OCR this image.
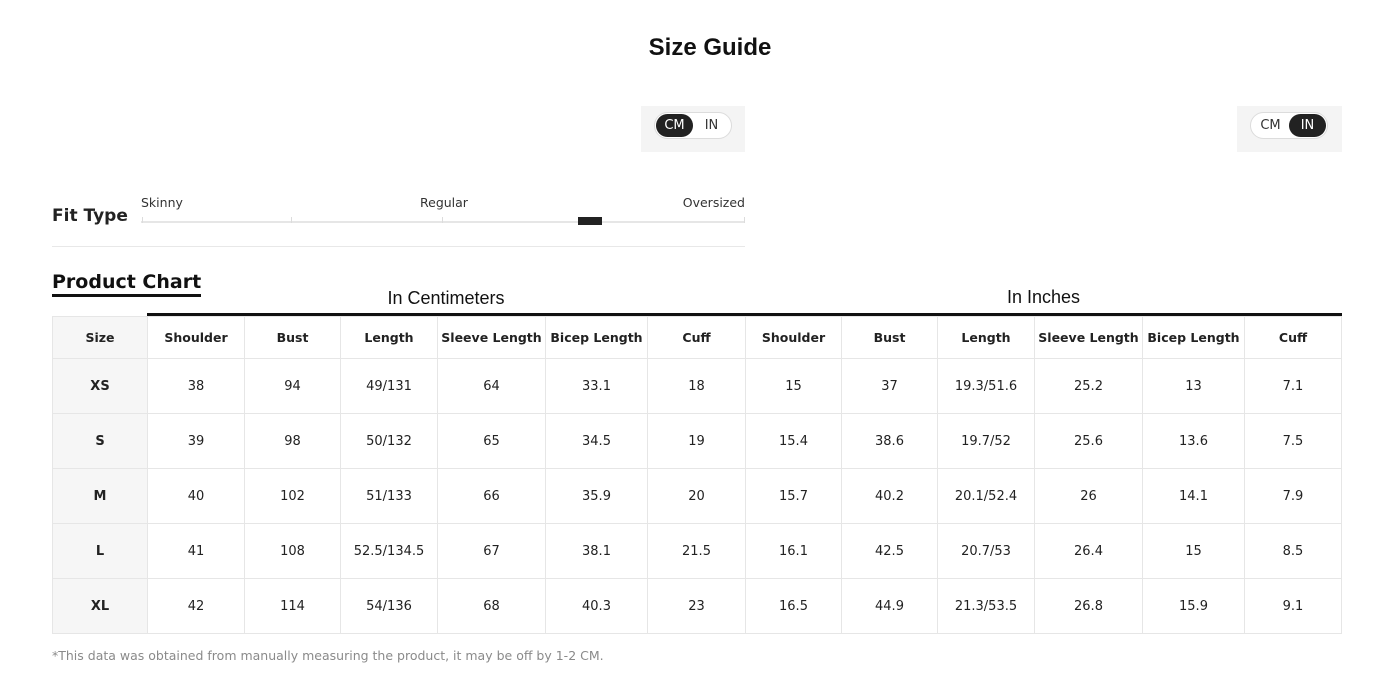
Size Guide
CM	IN	CM	IN
Fit Type
Skinny	Regular	Oversized
Product Chart
In Centimeters	In Inches
Size	Shoulder	Bust	Length	Sleeve Length	Bicep Length	Cuff	Shoulder	Bust	Length	Sleeve Length	Bicep Length	Cuff
XS	38	94	49/131	64	33.1	18	15	37	19.3/51.6	25.2	13	7.1
S	39	98	50/132	65	34.5	19	15.4	38.6	19.7/52	25.6	13.6	7.5
M	40	102	51/133	66	35.9	20	15.7	40.2	20.1/52.4	26	14.1	7.9
L	41	108	52.5/134.5	67	38.1	21.5	16.1	42.5	20.7/53	26.4	15	8.5
XL	42	114	54/136	68	40.3	23	16.5	44.9	21.3/53.5	26.8	15.9	9.1
*This data was obtained from manually measuring the product, it may be off by 1-2 CM.
